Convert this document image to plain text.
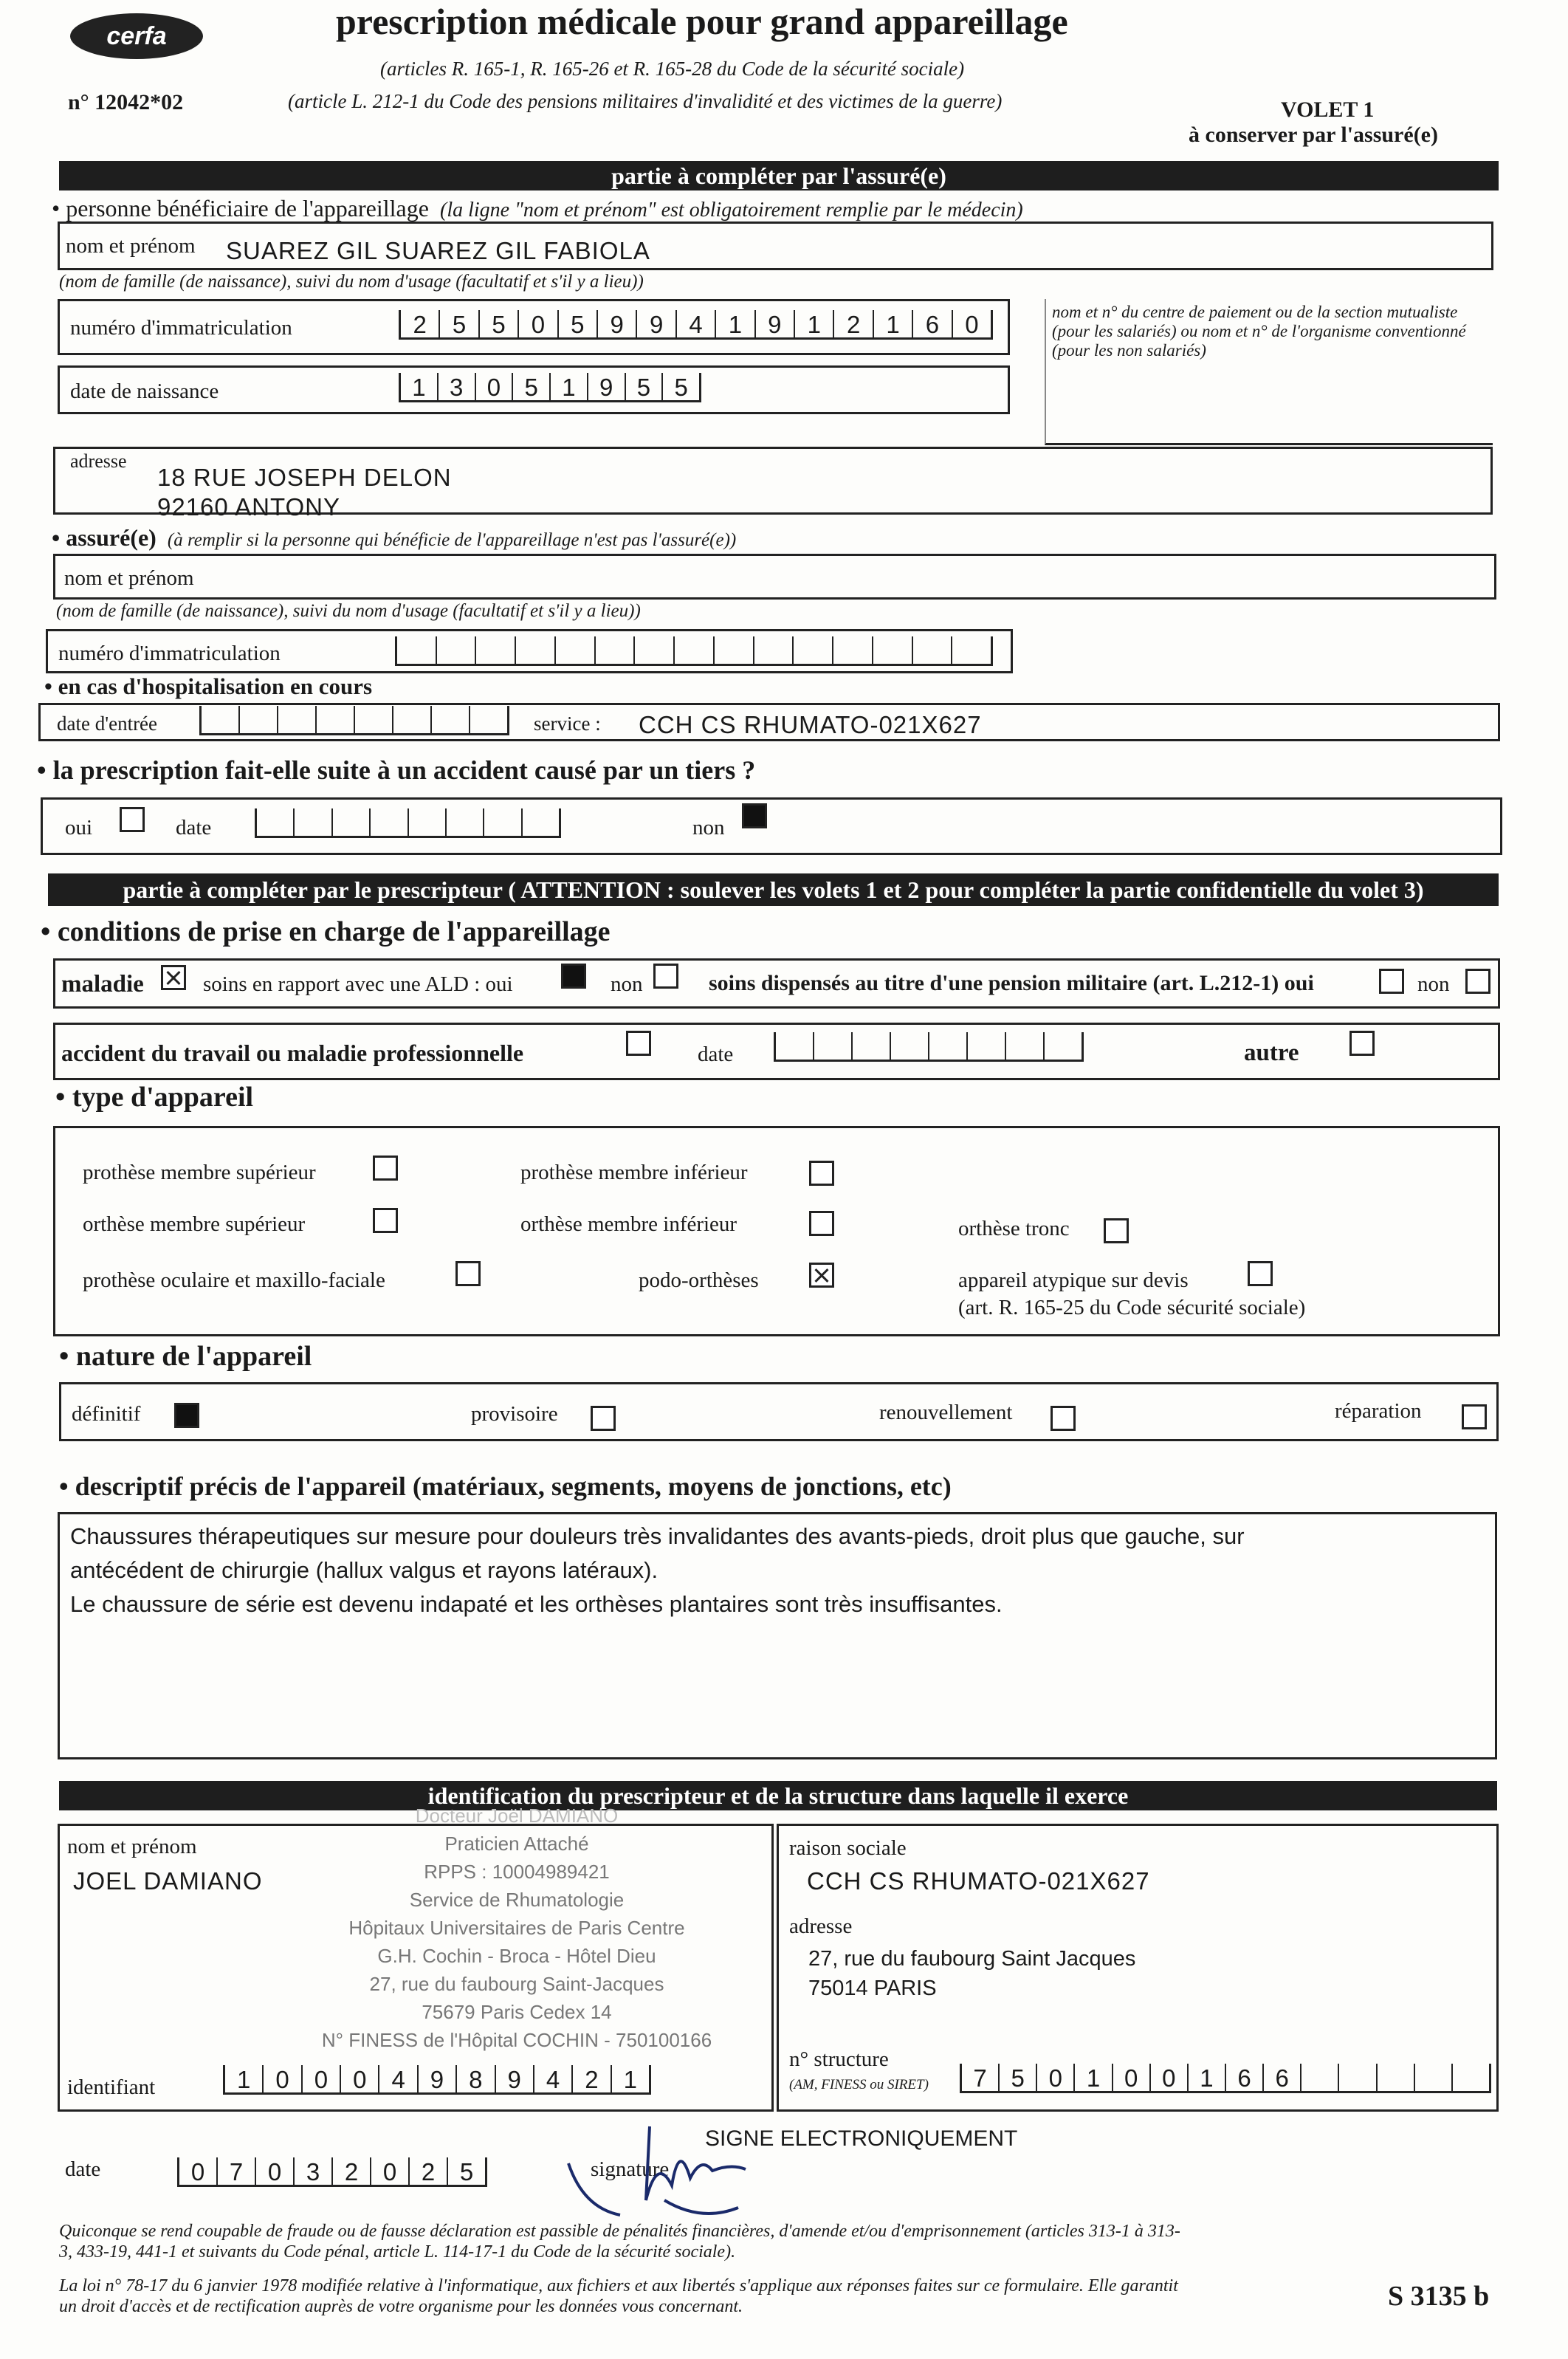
cerfa
n° 12042*02
prescription médicale pour grand appareillage
(articles R. 165-1, R. 165-26 et R. 165-28 du Code de la sécurité sociale)
(article L. 212-1 du Code des pensions militaires d'invalidité et des victimes de la guerre)	VOLET 1
à conserver par l'assuré(e)
partie à compléter par l'assuré(e)
• personne bénéficiaire de l'appareillage (la ligne "nom et prénom" est obligatoirement remplie par le médecin)
nom et prénom SUAREZ GIL SUAREZ GIL FABIOLA
(nom de famille (de naissance), suivi du nom d'usage (facultatif et s'il y a lieu))
numéro d'immatriculation	2	5	5	0	5	9	9	4	1	9	1	2	1	6	0	nom et n° du centre de paiement ou de la section mutualiste (pour les salariés) ou nom et n° de l'organisme conventionné (pour les non salariés)
date de naissance	1 3 0 5 1 9 5 5
adresse
18 RUE JOSEPH DELON
92160 ANTONY
• assuré(e) (à remplir si la personne qui bénéficie de l'appareillage n'est pas l'assuré(e))
nom et prénom
(nom de famille (de naissance), suivi du nom d'usage (facultatif et s'il y a lieu))
numéro d'immatriculation
• en cas d'hospitalisation en cours
date d'entrée	service : CCH CS RHUMATO-021X627
• la prescription fait-elle suite à un accident causé par un tiers ?
oui	date	non
partie à compléter par le prescripteur ( ATTENTION : soulever les volets 1 et 2 pour compléter la partie confidentielle du volet 3)
• conditions de prise en charge de l'appareillage
maladie	soins en rapport avec une ALD : oui	non	soins dispensés au titre d'une pension militaire (art. L.212-1) oui	non
accident du travail ou maladie professionnelle	date	autre
• type d'appareil
prothèse membre supérieur	prothèse membre inférieur
orthèse membre supérieur	orthèse membre inférieur	orthèse tronc
prothèse oculaire et maxillo-faciale	podo-orthèses	appareil atypique sur devis
(art. R. 165-25 du Code sécurité sociale)
• nature de l'appareil
définitif	provisoire	renouvellement	réparation
• descriptif précis de l'appareil (matériaux, segments, moyens de jonctions, etc)
Chaussures thérapeutiques sur mesure pour douleurs très invalidantes des avants-pieds, droit plus que gauche, sur
antécédent de chirurgie (hallux valgus et rayons latéraux).
Le chaussure de série est devenu indapaté et les orthèses plantaires sont très insuffisantes.
identification du prescripteur et de la structure dans laquelle il exerce
nom et prénom
JOEL DAMIANO
identifiant
Docteur Joël DAMIANO
Praticien Attaché
RPPS : 10004989421
Service de Rhumatologie
Hôpitaux Universitaires de Paris Centre
G.H. Cochin - Broca - Hôtel Dieu
27, rue du faubourg Saint-Jacques
75679 Paris Cedex 14
N° FINESS de l'Hôpital COCHIN - 750100166
1	0	0	0	4	9	8	9	4	2	1
raison sociale
CCH CS RHUMATO-021X627
adresse
27, rue du faubourg Saint Jacques
75014 PARIS
n° structure
(AM, FINESS ou SIRET)	7 5 0 1 0 0 1 6 6
SIGNE ELECTRONIQUEMENT
date	0	7	0	3	2	0	2	5	signature
Quiconque se rend coupable de fraude ou de fausse déclaration est passible de pénalités financières, d'amende et/ou d'emprisonnement (articles 313-1 à 313-3, 433-19, 441-1 et suivants du Code pénal, article L. 114-17-1 du Code de la sécurité sociale).
La loi n° 78-17 du 6 janvier 1978 modifiée relative à l'informatique, aux fichiers et aux libertés s'applique aux réponses faites sur ce formulaire. Elle garantit un droit d'accès et de rectification auprès de votre organisme pour les données vous concernant.	S 3135 b
